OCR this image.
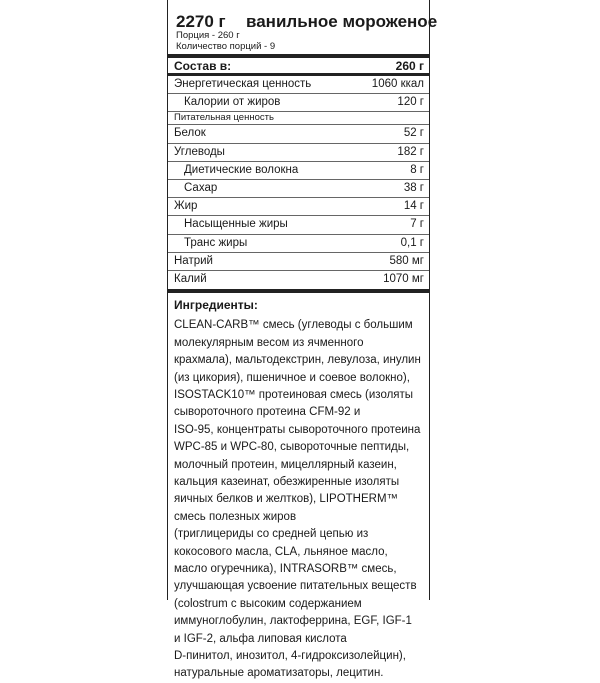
2270 г ванильное мороженое
Порция - 260 г
Количество порций - 9
Состав в:	260 г
Энергетическая ценность	1060 ккал
Калории от жиров	120 г
Питательная ценность
Белок	52 г
Углеводы	182 г
Диетические волокна	8 г
Сахар	38 г
Жир	14 г
Насыщенные жиры	7 г
Транс жиры	0,1 г
Натрий	580 мг
Калий	1070 мг
Ингредиенты:
CLEAN-CARB™ смесь (углеводы с большим
молекулярным весом из ячменного
крахмала), мальтодекстрин, левулоза, инулин
(из цикория), пшеничное и соевое волокно),
ISOSTACK10™ протеиновая смесь (изоляты
сывороточного протеина CFM-92 и
ISO-95, концентраты сывороточного протеина
WPC-85 и WPC-80, сывороточные пептиды,
молочный протеин, мицеллярный казеин,
кальция казеинат, обезжиренные изоляты
яичных белков и желтков), LIPOTHERM™
смесь полезных жиров
(триглицериды со средней цепью из
кокосового масла, CLA, льняное масло,
масло огуречника), INTRASORB™ смесь,
улучшающая усвоение питательных веществ
(colostrum с высоким содержанием
иммуноглобулин, лактоферрина, EGF, IGF-1
и IGF-2, альфа липовая кислота
D-пинитол, инозитол, 4-гидроксизолейцин),
натуральные ароматизаторы, лецитин.
